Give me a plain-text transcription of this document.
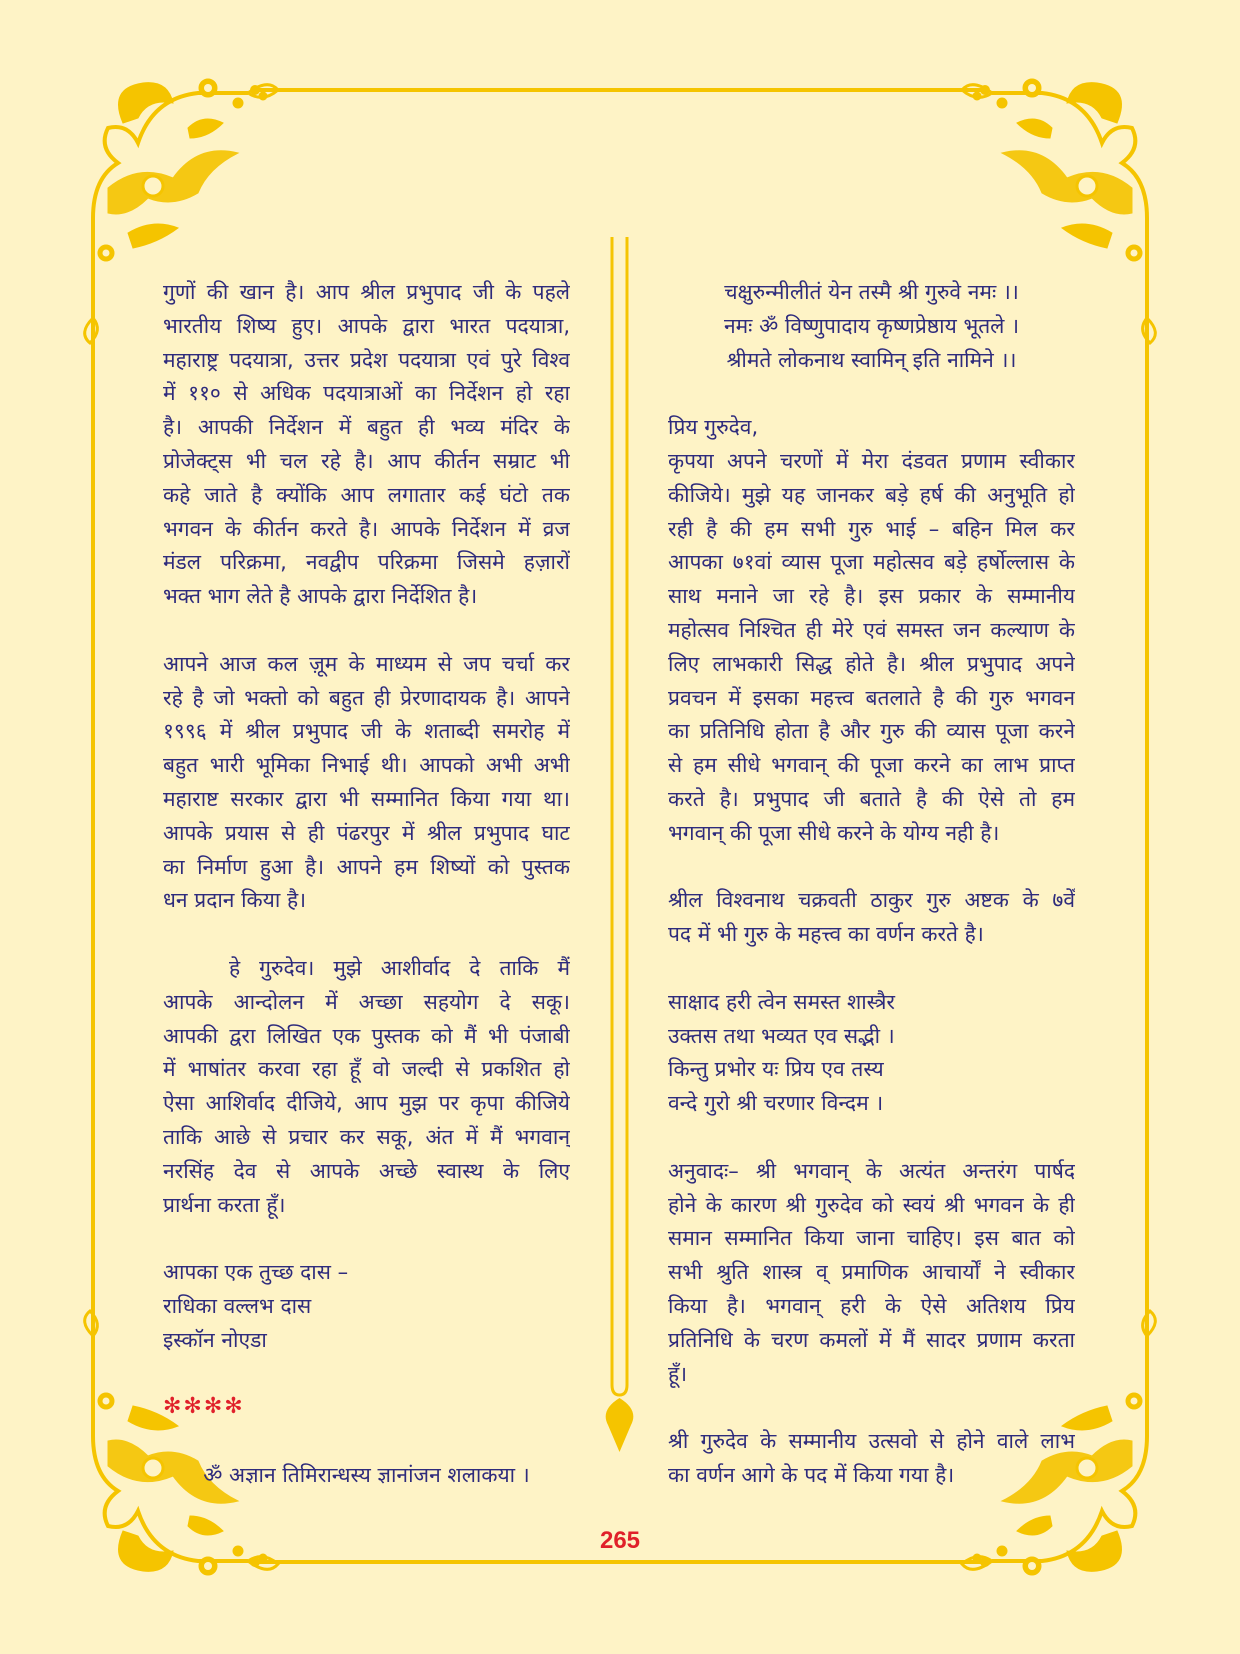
गुणों की खान है। आप श्रील प्रभुपाद जी के पहले
भारतीय शिष्य हुए। आपके द्वारा भारत पदयात्रा,
महाराष्ट्र पदयात्रा, उत्तर प्रदेश पदयात्रा एवं पुरे विश्व
में ११० से अधिक पदयात्राओं का निर्देशन हो रहा
है। आपकी निर्देशन में बहुत ही भव्य मंदिर के
प्रोजेक्ट्स भी चल रहे है। आप कीर्तन सम्राट भी
कहे जाते है क्योंकि आप लगातार कई घंटो तक
भगवन के कीर्तन करते है। आपके निर्देशन में व्रज
मंडल परिक्रमा, नवद्वीप परिक्रमा जिसमे हज़ारों
भक्त भाग लेते है आपके द्वारा निर्देशित है।
आपने आज कल ज़ूम के माध्यम से जप चर्चा कर
रहे है जो भक्तो को बहुत ही प्रेरणादायक है। आपने
१९९६ में श्रील प्रभुपाद जी के शताब्दी समरोह में
बहुत भारी भूमिका निभाई थी। आपको अभी अभी
महाराष्ट सरकार द्वारा भी सम्मानित किया गया था।
आपके प्रयास से ही पंढरपुर में श्रील प्रभुपाद घाट
का निर्माण हुआ है। आपने हम शिष्यों को पुस्तक
धन प्रदान किया है।
हे गुरुदेव। मुझे आशीर्वाद दे ताकि मैं
आपके आन्दोलन में अच्छा सहयोग दे सकू।
आपकी द्वरा लिखित एक पुस्तक को मैं भी पंजाबी
में भाषांतर करवा रहा हूँ वो जल्दी से प्रकशित हो
ऐसा आशिर्वाद दीजिये, आप मुझ पर कृपा कीजिये
ताकि आछे से प्रचार कर सकू, अंत में मैं भगवान्
नरसिंह देव से आपके अच्छे स्वास्थ के लिए
प्रार्थना करता हूँ।
आपका एक तुच्छ दास –
राधिका वल्लभ दास
इस्कॉन नोएडा
✻✻✻✻
ॐ अज्ञान तिमिरान्धस्य ज्ञानांजन शलाकया ।
चक्षुरुन्मीलीतं येन तस्मै श्री गुरुवे नमः ।।
नमः ॐ विष्णुपादाय कृष्णप्रेष्ठाय भूतले ।
श्रीमते लोकनाथ स्वामिन् इति नामिने ।।
प्रिय गुरुदेव,
कृपया अपने चरणों में मेरा दंडवत प्रणाम स्वीकार
कीजिये। मुझे यह जानकर बड़े हर्ष की अनुभूति हो
रही है की हम सभी गुरु भाई – बहिन मिल कर
आपका ७१वां व्यास पूजा महोत्सव बड़े हर्षोल्लास के
साथ मनाने जा रहे है। इस प्रकार के सम्मानीय
महोत्सव निश्चित ही मेरे एवं समस्त जन कल्याण के
लिए लाभकारी सिद्ध होते है। श्रील प्रभुपाद अपने
प्रवचन में इसका महत्त्व बतलाते है की गुरु भगवन
का प्रतिनिधि होता है और गुरु की व्यास पूजा करने
से हम सीधे भगवान् की पूजा करने का लाभ प्राप्त
करते है। प्रभुपाद जी बताते है की ऐसे तो हम
भगवान् की पूजा सीधे करने के योग्य नही है।
श्रील विश्वनाथ चक्रवती ठाकुर गुरु अष्टक के ७वेँ
पद में भी गुरु के महत्त्व का वर्णन करते है।
साक्षाद हरी त्वेन समस्त शास्त्रैर
उक्तस तथा भव्यत एव सद्भी ।
किन्तु प्रभोर यः प्रिय एव तस्य
वन्दे गुरो श्री चरणार विन्दम ।
अनुवादः– श्री भगवान् के अत्यंत अन्तरंग पार्षद
होने के कारण श्री गुरुदेव को स्वयं श्री भगवन के ही
समान सम्मानित किया जाना चाहिए। इस बात को
सभी श्रुति शास्त्र व् प्रमाणिक आचार्यों ने स्वीकार
किया है। भगवान् हरी के ऐसे अतिशय प्रिय
प्रतिनिधि के चरण कमलों में मैं सादर प्रणाम करता
हूँ।
श्री गुरुदेव के सम्मानीय उत्सवो से होने वाले लाभ
का वर्णन आगे के पद में किया गया है।
265
